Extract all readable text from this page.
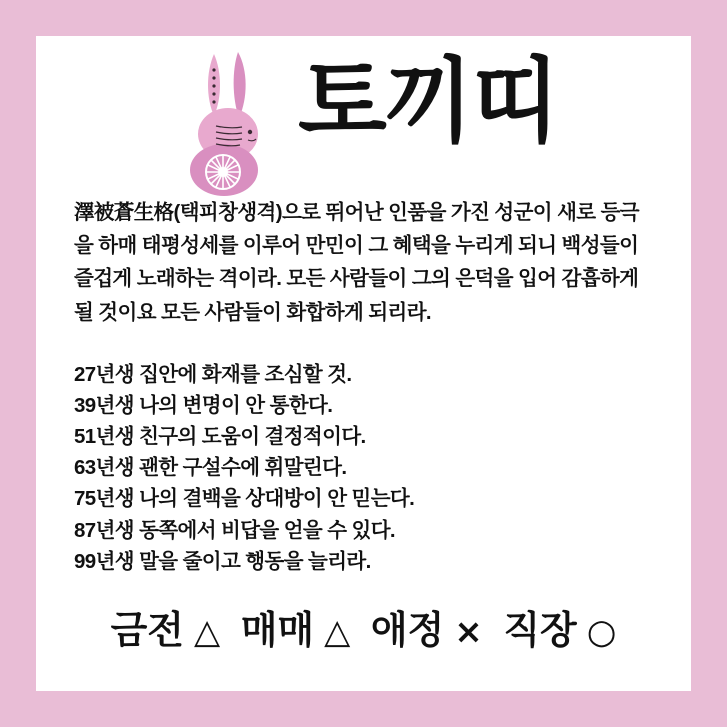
토끼띠

澤被蒼生格(택피창생격)으로 뛰어난 인품을 가진 성군이 새로 등극을 하매 태평성세를 이루어 만민이 그 혜택을 누리게 되니 백성들이 즐겁게 노래하는 격이라. 모든 사람들이 그의 은덕을 입어 감흡하게 될 것이요 모든 사람들이 화합하게 되리라.

27년생 집안에 화재를 조심할 것.
39년생 나의 변명이 안 통한다.
51년생 친구의 도움이 결정적이다.
63년생 괜한 구설수에 휘말린다.
75년생 나의 결백을 상대방이 안 믿는다.
87년생 동쪽에서 비답을 얻을 수 있다.
99년생 말을 줄이고 행동을 늘리라.
금전 △ 매매 △ 애정 × 직장 ○
